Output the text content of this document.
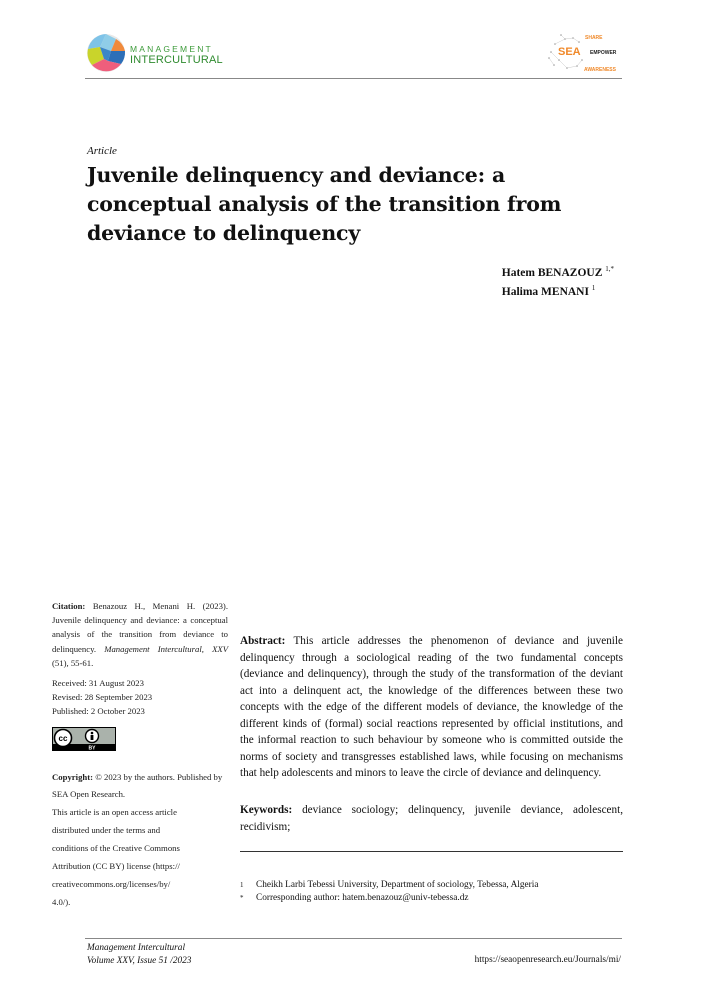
MANAGEMENT
INTERCULTURAL
SEA
SHARE
EMPOWER
AWARENESS
Article
Juvenile delinquency and deviance: a conceptual analysis of the transition from deviance to delinquency
Hatem BENAZOUZ $^{1,*}$
Halima MENANI $^1$
Citation: Benazouz H., Menani H. (2023). Juvenile delinquency and deviance: a conceptual analysis of the transition from deviance to delinquency. Management Intercultural, XXV (51), 55-61.
Received: 31 August 2023
Revised: 28 September 2023
Published: 2 October 2023
cc
BY
Copyright: © 2023 by the authors. Published by SEA Open Research.
This article is an open access article
distributed under the terms and
conditions of the Creative Commons
Attribution (CC BY) license (https://
creativecommons.org/licenses/by/
4.0/).
Abstract: This article addresses the phenomenon of deviance and juvenile delinquency through a sociological reading of the two fundamental concepts (deviance and delinquency), through the study of the transformation of the deviant act into a delinquent act, the knowledge of the differences between these two concepts with the edge of the different models of deviance, the knowledge of the different kinds of (formal) social reactions represented by official institutions, and the informal reaction to such behaviour by someone who is committed outside the norms of society and transgresses established laws, while focusing on mechanisms that help adolescents and minors to leave the circle of deviance and delinquency.
Keywords: deviance sociology; delinquency, juvenile deviance, adolescent, recidivism;
1 Cheikh Larbi Tebessi University, Department of sociology, Tebessa, Algeria
* Corresponding author: hatem.benazouz@univ-tebessa.dz
Management Intercultural
Volume XXV, Issue 51 /2023	https://seaopenresearch.eu/Journals/mi/
